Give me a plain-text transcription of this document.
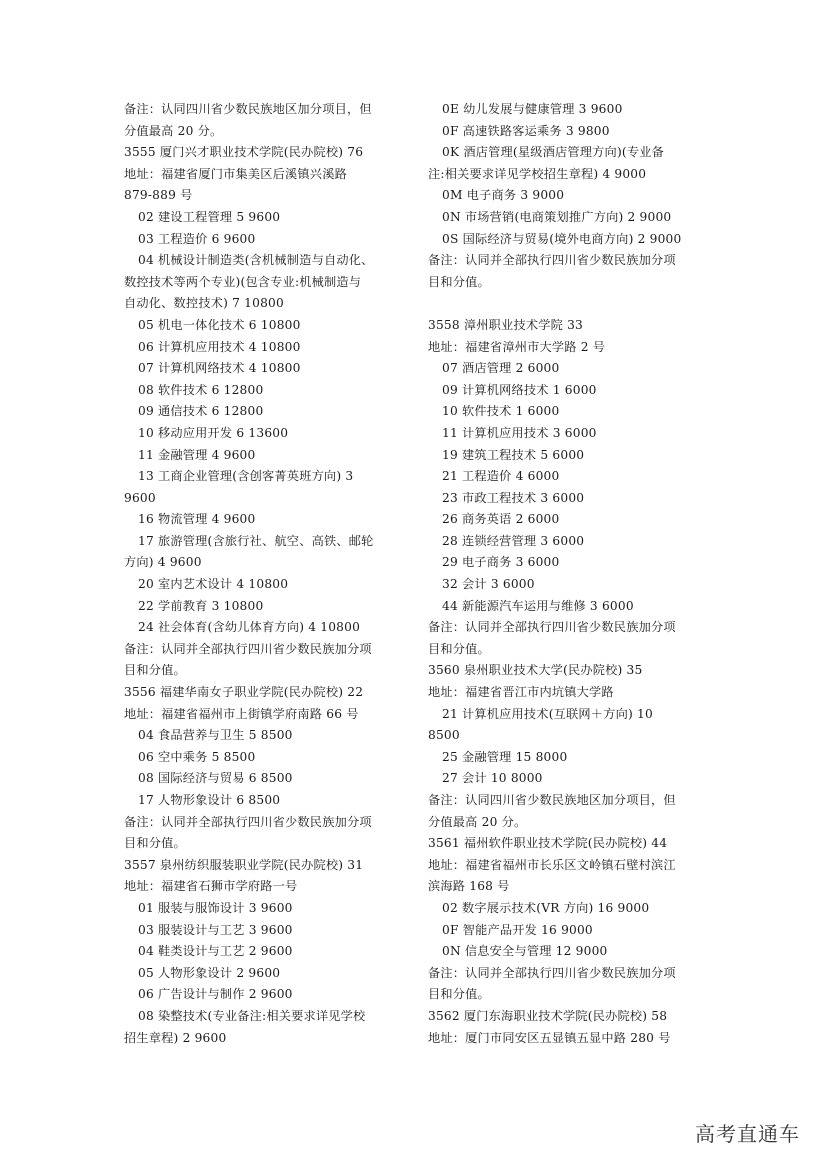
备注：认同四川省少数民族地区加分项目，但

分值最高 20 分。

3555 厦门兴才职业技术学院(民办院校) 76

地址：福建省厦门市集美区后溪镇兴溪路

879-889 号

02 建设工程管理 5 9600

03 工程造价 6 9600

04 机械设计制造类(含机械制造与自动化、

数控技术等两个专业)(包含专业:机械制造与

自动化、数控技术) 7 10800

05 机电一体化技术 6 10800

06 计算机应用技术 4 10800

07 计算机网络技术 4 10800

08 软件技术 6 12800

09 通信技术 6 12800

10 移动应用开发 6 13600

11 金融管理 4 9600

13 工商企业管理(含创客菁英班方向) 3

9600

16 物流管理 4 9600

17 旅游管理(含旅行社、航空、高铁、邮轮

方向) 4 9600

20 室内艺术设计 4 10800

22 学前教育 3 10800

24 社会体育(含幼儿体育方向) 4 10800

备注：认同并全部执行四川省少数民族加分项

目和分值。

3556 福建华南女子职业学院(民办院校) 22

地址：福建省福州市上街镇学府南路 66 号

04 食品营养与卫生 5 8500

06 空中乘务 5 8500

08 国际经济与贸易 6 8500

17 人物形象设计 6 8500

备注：认同并全部执行四川省少数民族加分项

目和分值。

3557 泉州纺织服装职业学院(民办院校) 31

地址：福建省石狮市学府路一号

01 服装与服饰设计 3 9600

03 服装设计与工艺 3 9600

04 鞋类设计与工艺 2 9600

05 人物形象设计 2 9600

06 广告设计与制作 2 9600

08 染整技术(专业备注:相关要求详见学校

招生章程) 2 9600

0E 幼儿发展与健康管理 3 9600

0F 高速铁路客运乘务 3 9800

0K 酒店管理(星级酒店管理方向)(专业备

注:相关要求详见学校招生章程) 4 9000

0M 电子商务 3 9000

0N 市场营销(电商策划推广方向) 2 9000

0S 国际经济与贸易(境外电商方向) 2 9000

备注：认同并全部执行四川省少数民族加分项

目和分值。

3558 漳州职业技术学院 33

地址：福建省漳州市大学路 2 号

07 酒店管理 2 6000

09 计算机网络技术 1 6000

10 软件技术 1 6000

11 计算机应用技术 3 6000

19 建筑工程技术 5 6000

21 工程造价 4 6000

23 市政工程技术 3 6000

26 商务英语 2 6000

28 连锁经营管理 3 6000

29 电子商务 3 6000

32 会计 3 6000

44 新能源汽车运用与维修 3 6000

备注：认同并全部执行四川省少数民族加分项

目和分值。

3560 泉州职业技术大学(民办院校) 35

地址：福建省晋江市内坑镇大学路

21 计算机应用技术(互联网＋方向) 10

8500

25 金融管理 15 8000

27 会计 10 8000

备注：认同四川省少数民族地区加分项目，但

分值最高 20 分。

3561 福州软件职业技术学院(民办院校) 44

地址：福建省福州市长乐区文岭镇石壁村滨江

滨海路 168 号

02 数字展示技术(VR 方向) 16 9000

0F 智能产品开发 16 9000

0N 信息安全与管理 12 9000

备注：认同并全部执行四川省少数民族加分项

目和分值。

3562 厦门东海职业技术学院(民办院校) 58

地址：厦门市同安区五显镇五显中路 280 号

高考直通车
